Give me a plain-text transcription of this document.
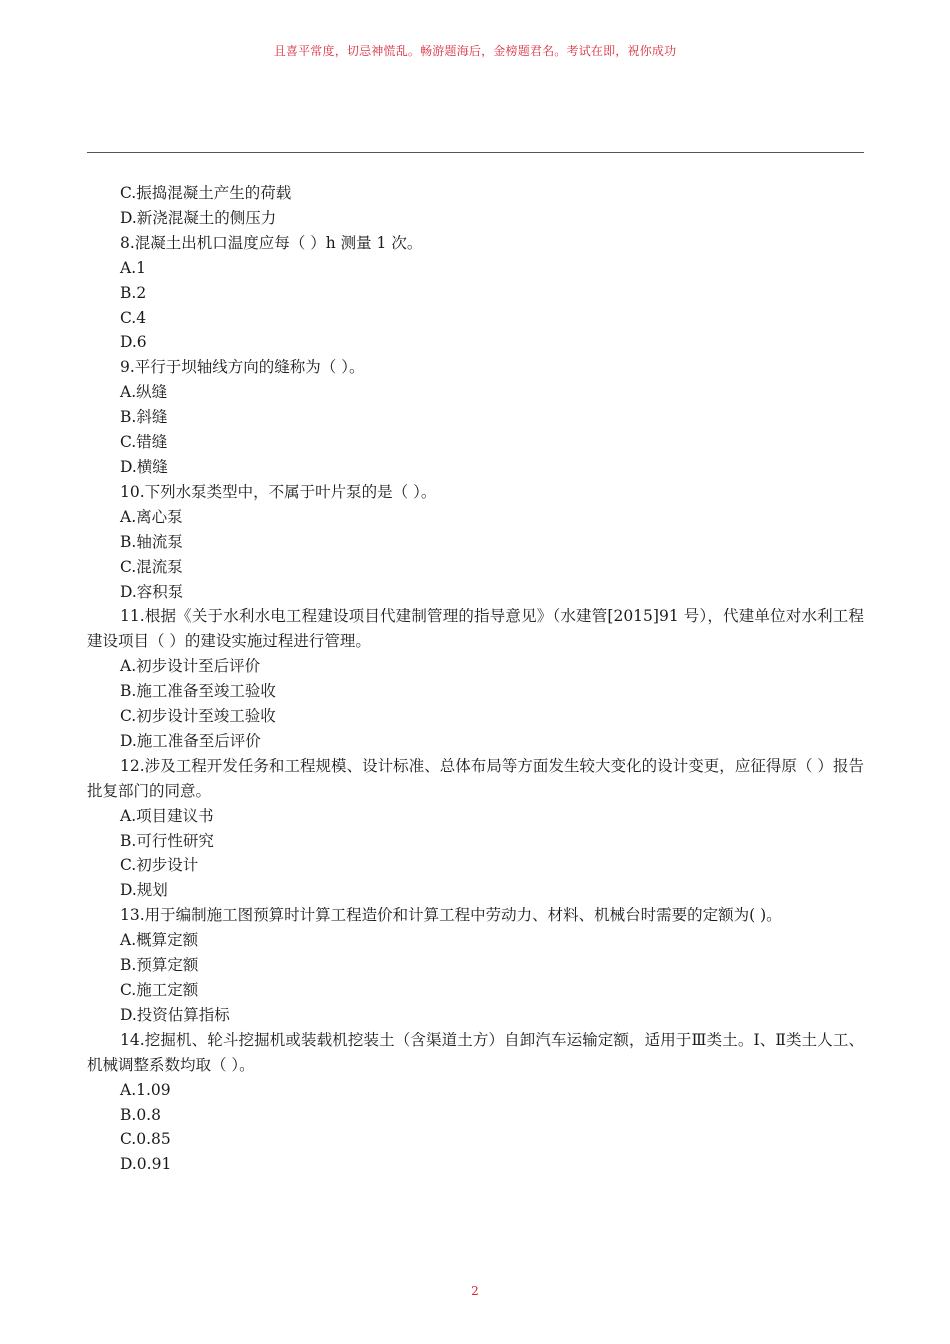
且喜平常度，切忌神慌乱。畅游题海后，金榜题君名。考试在即，祝你成功
C.振捣混凝土产生的荷载
D.新浇混凝土的侧压力
8.混凝土出机口温度应每（ ）h 测量 1 次。
A.1
B.2
C.4
D.6
9.平行于坝轴线方向的缝称为（ ）。
A.纵缝
B.斜缝
C.错缝
D.横缝
10.下列水泵类型中，不属于叶片泵的是（ ）。
A.离心泵
B.轴流泵
C.混流泵
D.容积泵
11.根据《关于水利水电工程建设项目代建制管理的指导意见》（水建管[2015]91 号），代建单位对水利工程建设项目（ ）的建设实施过程进行管理。
A.初步设计至后评价
B.施工准备至竣工验收
C.初步设计至竣工验收
D.施工准备至后评价
12.涉及工程开发任务和工程规模、设计标准、总体布局等方面发生较大变化的设计变更，应征得原（ ）报告批复部门的同意。
A.项目建议书
B.可行性研究
C.初步设计
D.规划
13.用于编制施工图预算时计算工程造价和计算工程中劳动力、材料、机械台时需要的定额为( )。
A.概算定额
B.预算定额
C.施工定额
D.投资估算指标
14.挖掘机、轮斗挖掘机或装载机挖装土（含渠道土方）自卸汽车运输定额，适用于Ⅲ类土。Ⅰ、Ⅱ类土人工、机械调整系数均取（ ）。
A.1.09
B.0.8
C.0.85
D.0.91
2
